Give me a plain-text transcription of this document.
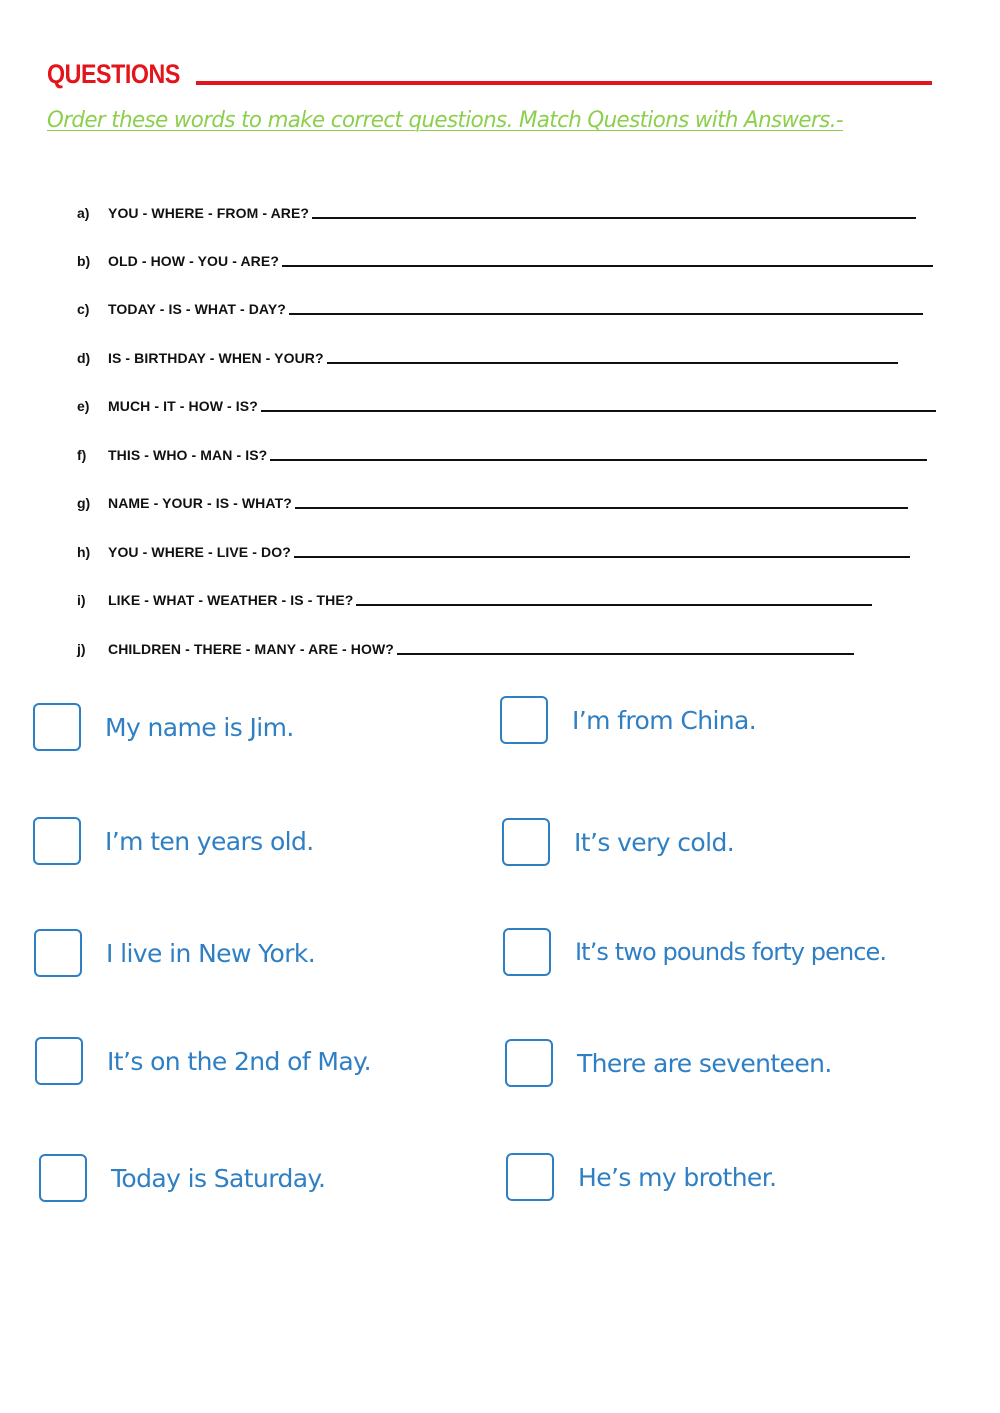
QUESTIONS
Order these words to make correct questions. Match Questions with Answers.-
a)	YOU - WHERE - FROM - ARE?
b)	OLD - HOW - YOU - ARE?
c)	TODAY - IS - WHAT - DAY?
d)	IS - BIRTHDAY - WHEN - YOUR?
e)	MUCH - IT - HOW - IS?
f)	THIS - WHO - MAN - IS?
g)	NAME - YOUR - IS - WHAT?
h)	YOU - WHERE - LIVE - DO?
i)	LIKE - WHAT - WEATHER - IS - THE?
j)	CHILDREN - THERE - MANY - ARE - HOW?
My name is Jim.
I’m ten years old.
I live in New York.
It’s on the 2nd of May.
Today is Saturday.
I’m from China.
It’s very cold.
It’s two pounds forty pence.
There are seventeen.
He’s my brother.
